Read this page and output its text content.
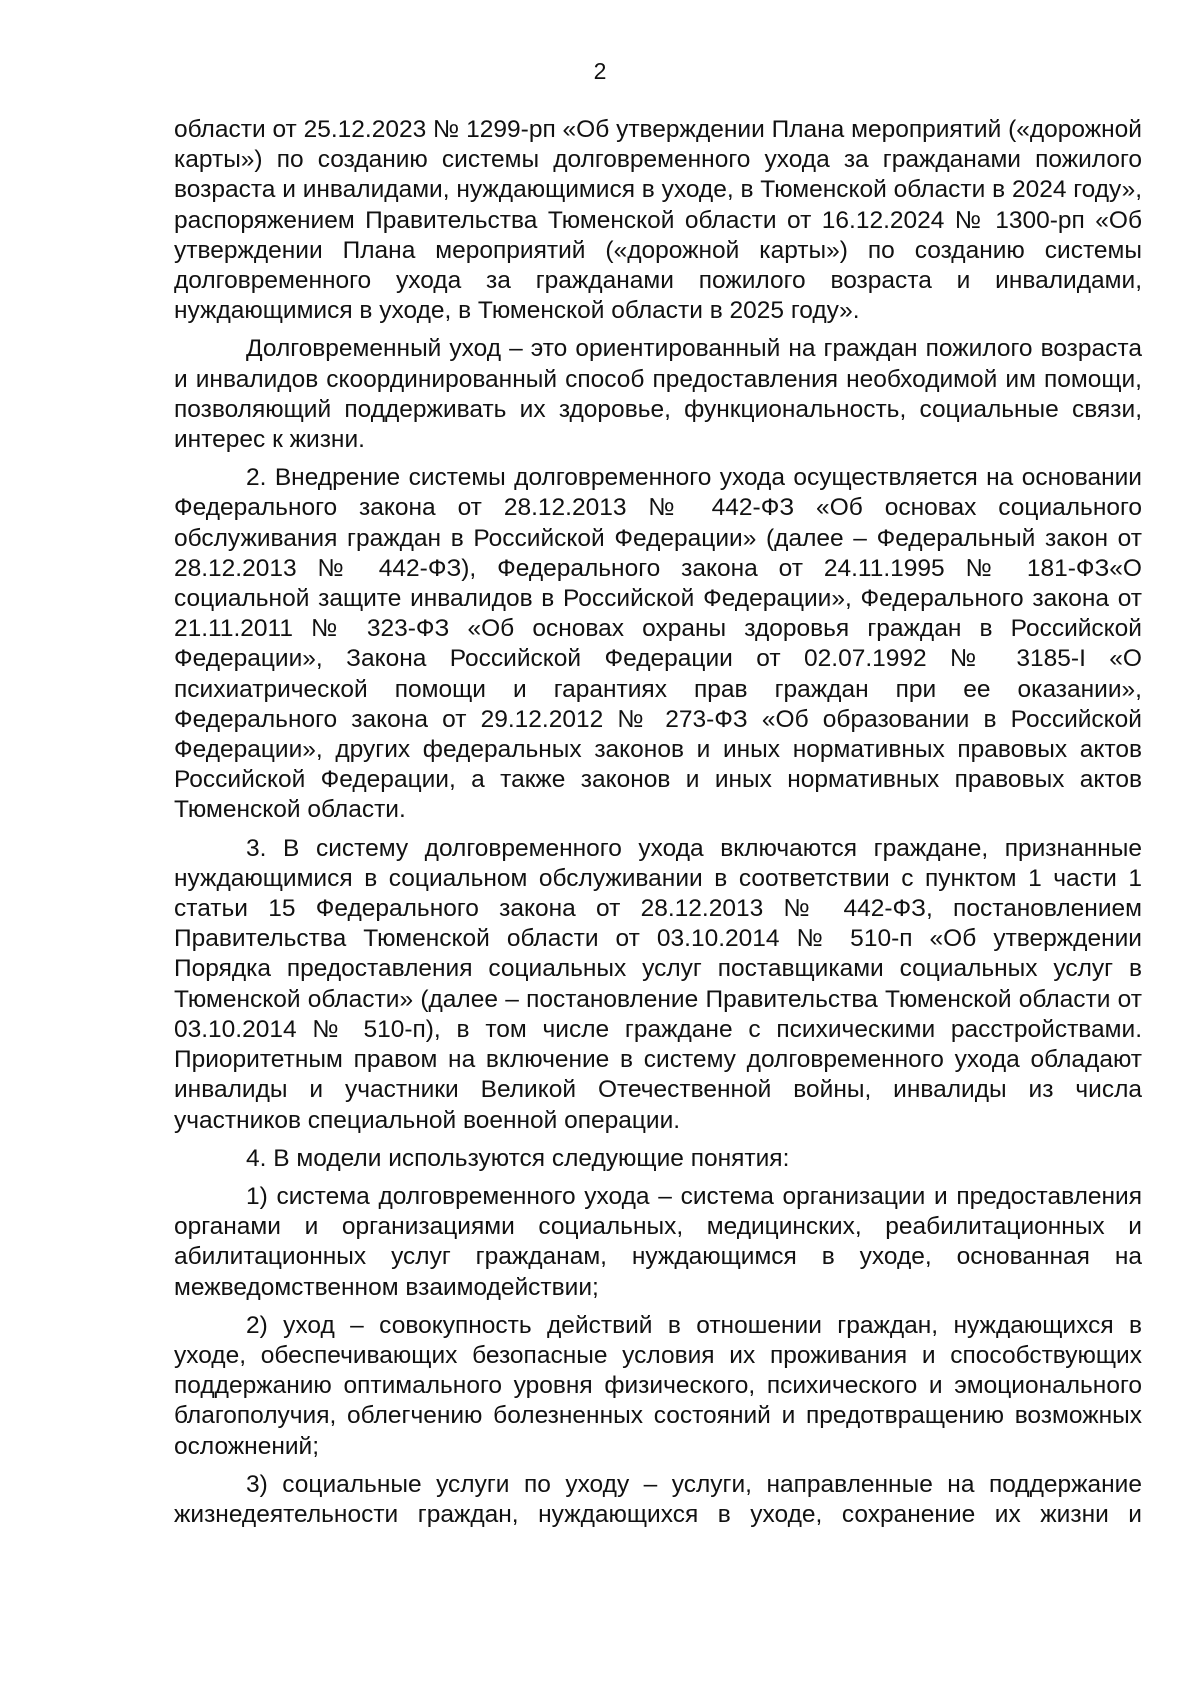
2

области от 25.12.2023 № 1299-рп «Об утверждении Плана мероприятий («дорожной карты») по созданию системы долговременного ухода за гражданами пожилого возраста и инвалидами, нуждающимися в уходе, в Тюменской области в 2024 году», распоряжением Правительства Тюменской области от 16.12.2024 № 1300-рп «Об утверждении Плана мероприятий («дорожной карты») по созданию системы долговременного ухода за гражданами пожилого возраста и инвалидами, нуждающимися в уходе, в Тюменской области в 2025 году».

Долговременный уход – это ориентированный на граждан пожилого возраста и инвалидов скоординированный способ предоставления необходимой им помощи, позволяющий поддерживать их здоровье, функциональность, социальные связи, интерес к жизни.

2. Внедрение системы долговременного ухода осуществляется на основании Федерального закона от 28.12.2013 № 442-ФЗ «Об основах социального обслуживания граждан в Российской Федерации» (далее – Федеральный закон от 28.12.2013 № 442-ФЗ), Федерального закона от 24.11.1995 № 181-ФЗ«О социальной защите инвалидов в Российской Федерации», Федерального закона от 21.11.2011 № 323-ФЗ «Об основах охраны здоровья граждан в Российской Федерации», Закона Российской Федерации от 02.07.1992 № 3185-I «О психиатрической помощи и гарантиях прав граждан при ее оказании», Федерального закона от 29.12.2012 № 273-ФЗ «Об образовании в Российской Федерации», других федеральных законов и иных нормативных правовых актов Российской Федерации, а также законов и иных нормативных правовых актов Тюменской области.

3. В систему долговременного ухода включаются граждане, признанные нуждающимися в социальном обслуживании в соответствии с пунктом 1 части 1 статьи 15 Федерального закона от 28.12.2013 № 442-ФЗ, постановлением Правительства Тюменской области от 03.10.2014 № 510-п «Об утверждении Порядка предоставления социальных услуг поставщиками социальных услуг в Тюменской области» (далее – постановление Правительства Тюменской области от 03.10.2014 № 510-п), в том числе граждане с психическими расстройствами. Приоритетным правом на включение в систему долговременного ухода обладают инвалиды и участники Великой Отечественной войны, инвалиды из числа участников специальной военной операции.

4. В модели используются следующие понятия:

1) система долговременного ухода – система организации и предоставления органами и организациями социальных, медицинских, реабилитационных и абилитационных услуг гражданам, нуждающимся в уходе, основанная на межведомственном взаимодействии;

2) уход – совокупность действий в отношении граждан, нуждающихся в уходе, обеспечивающих безопасные условия их проживания и способствующих поддержанию оптимального уровня физического, психического и эмоционального благополучия, облегчению болезненных состояний и предотвращению возможных осложнений;

3) социальные услуги по уходу – услуги, направленные на поддержание жизнедеятельности граждан, нуждающихся в уходе, сохранение их жизни и
